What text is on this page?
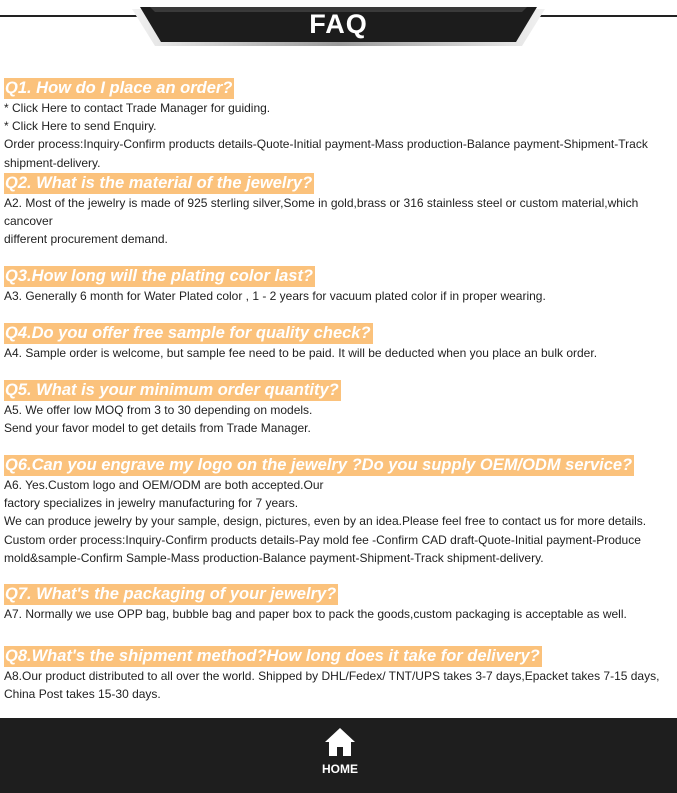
FAQ
Q1. How do I place an order?

* Click Here to contact Trade Manager for guiding.

* Click Here to send Enquiry.

Order process:Inquiry-Confirm products details-Quote-Initial payment-Mass production-Balance payment-Shipment-Track

shipment-delivery.

Q2. What is the material of the jewelry?

A2. Most of the jewelry is made of 925 sterling silver,Some in gold,brass or 316 stainless steel or custom material,which

cancover

different procurement demand.

Q3.How long will the plating color last?

A3. Generally 6 month for Water Plated color , 1 - 2 years for vacuum plated color if in proper wearing.

Q4.Do you offer free sample for quality check?

A4. Sample order is welcome, but sample fee need to be paid. It will be deducted when you place an bulk order.

Q5. What is your minimum order quantity?

A5. We offer low MOQ from 3 to 30 depending on models.

Send your favor model to get details from Trade Manager.

Q6.Can you engrave my logo on the jewelry ?Do you supply OEM/ODM service?

A6. Yes.Custom logo and OEM/ODM are both accepted.Our

factory specializes in jewelry manufacturing for 7 years.

We can produce jewelry by your sample, design, pictures, even by an idea.Please feel free to contact us for more details.

Custom order process:Inquiry-Confirm products details-Pay mold fee -Confirm CAD draft-Quote-Initial payment-Produce

mold&sample-Confirm Sample-Mass production-Balance payment-Shipment-Track shipment-delivery.

Q7. What's the packaging of your jewelry?

A7. Normally we use OPP bag, bubble bag and paper box to pack the goods,custom packaging is acceptable as well.

Q8.What's the shipment method?How long does it take for delivery?

A8.Our product distributed to all over the world. Shipped by DHL/Fedex/ TNT/UPS takes 3-7 days,Epacket takes 7-15 days,

China Post takes 15-30 days.

HOME
